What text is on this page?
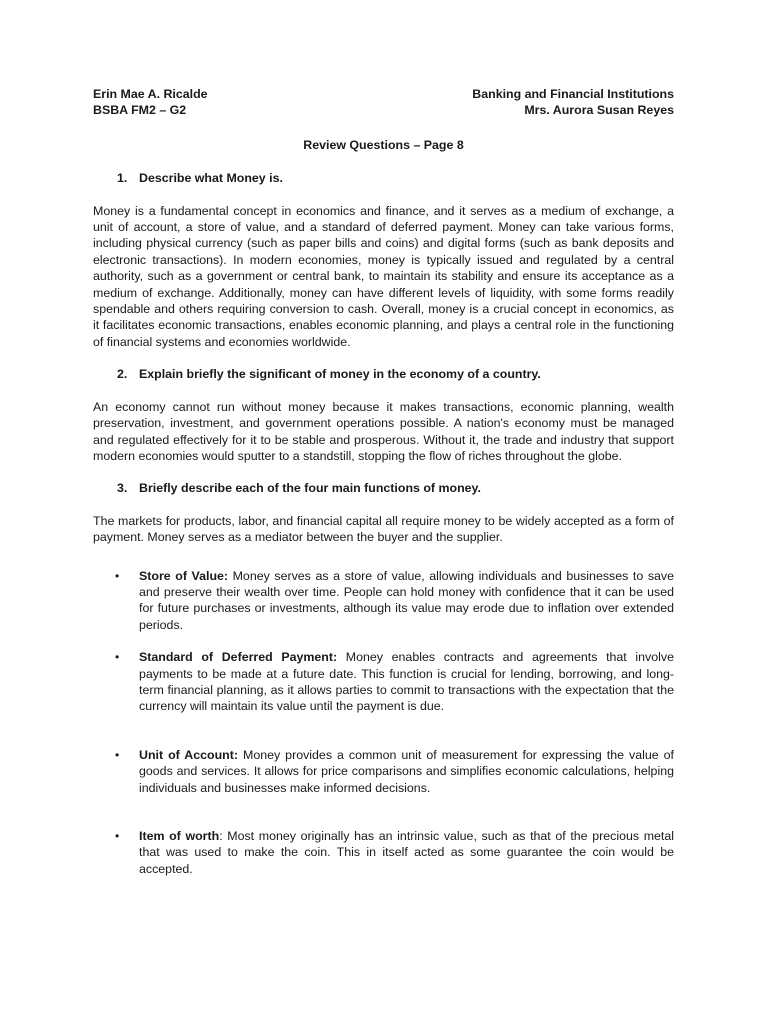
Erin Mae A. Ricalde
BSBA FM2 – G2
Banking and Financial Institutions
Mrs. Aurora Susan Reyes
Review Questions – Page 8
1. Describe what Money is.

Money is a fundamental concept in economics and finance, and it serves as a medium of exchange, a unit of account, a store of value, and a standard of deferred payment. Money can take various forms, including physical currency (such as paper bills and coins) and digital forms (such as bank deposits and electronic transactions). In modern economies, money is typically issued and regulated by a central authority, such as a government or central bank, to maintain its stability and ensure its acceptance as a medium of exchange. Additionally, money can have different levels of liquidity, with some forms readily spendable and others requiring conversion to cash. Overall, money is a crucial concept in economics, as it facilitates economic transactions, enables economic planning, and plays a central role in the functioning of financial systems and economies worldwide.

2. Explain briefly the significant of money in the economy of a country.

An economy cannot run without money because it makes transactions, economic planning, wealth preservation, investment, and government operations possible. A nation's economy must be managed and regulated effectively for it to be stable and prosperous. Without it, the trade and industry that support modern economies would sputter to a standstill, stopping the flow of riches throughout the globe.

3. Briefly describe each of the four main functions of money.

The markets for products, labor, and financial capital all require money to be widely accepted as a form of payment. Money serves as a mediator between the buyer and the supplier.

•	Store of Value: Money serves as a store of value, allowing individuals and businesses to save and preserve their wealth over time. People can hold money with confidence that it can be used for future purchases or investments, although its value may erode due to inflation over extended periods.
•	Standard of Deferred Payment: Money enables contracts and agreements that involve payments to be made at a future date. This function is crucial for lending, borrowing, and long-term financial planning, as it allows parties to commit to transactions with the expectation that the currency will maintain its value until the payment is due.
•	Unit of Account: Money provides a common unit of measurement for expressing the value of goods and services. It allows for price comparisons and simplifies economic calculations, helping individuals and businesses make informed decisions.
•	Item of worth: Most money originally has an intrinsic value, such as that of the precious metal that was used to make the coin. This in itself acted as some guarantee the coin would be accepted.
